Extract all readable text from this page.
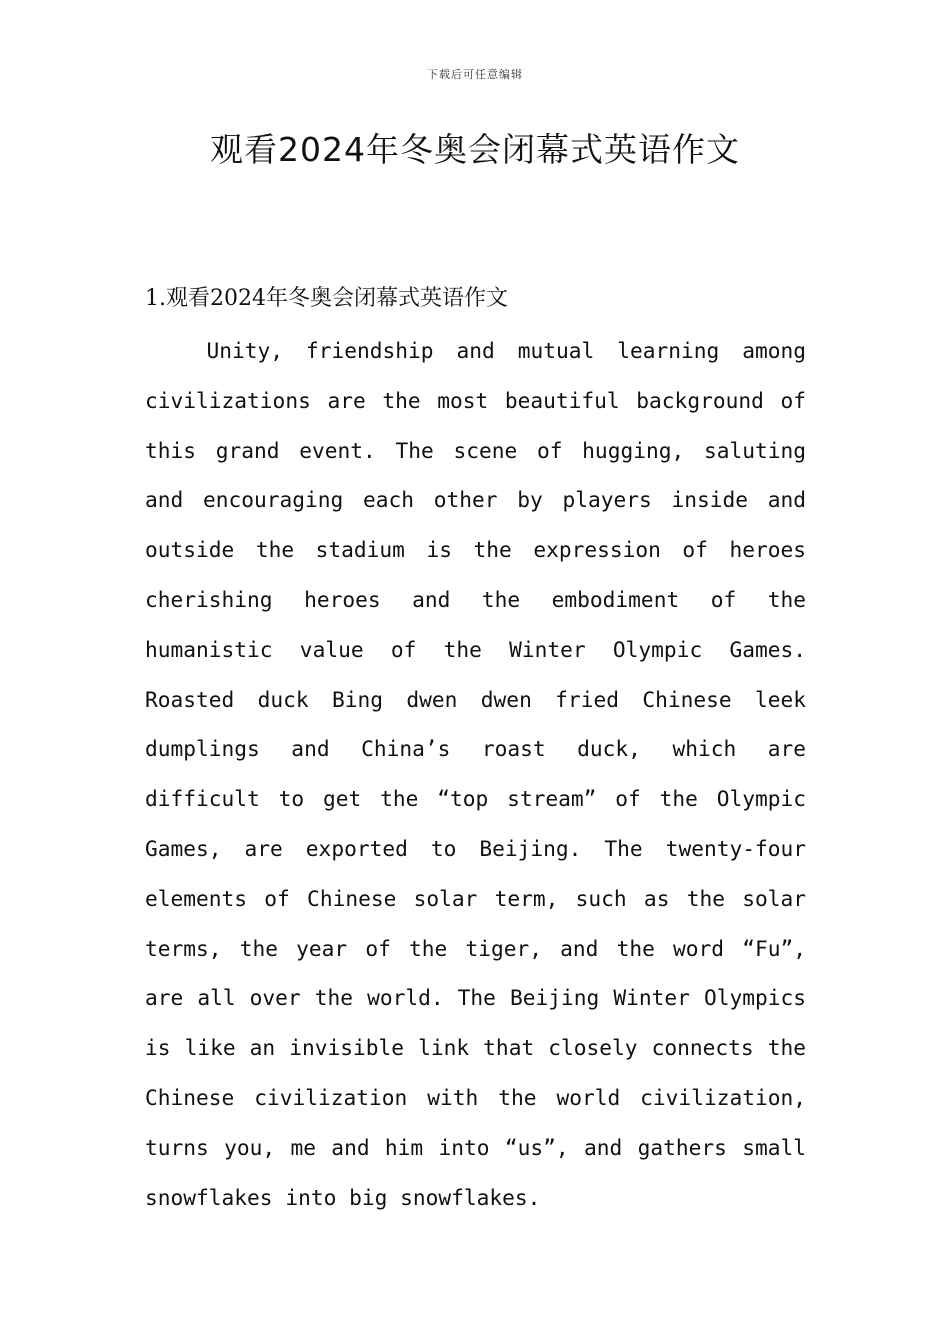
下载后可任意编辑
观看2024年冬奥会闭幕式英语作文
1.观看2024年冬奥会闭幕式英语作文

Unity, friendship and mutual learning among civilizations are the most beautiful background of this grand event. The scene of hugging, saluting and encouraging each other by players inside and outside the stadium is the expression of heroes cherishing heroes and the embodiment of the humanistic value of the Winter Olympic Games. Roasted duck Bing dwen dwen fried Chinese leek dumplings and China’s roast duck, which are difficult to get the “top stream” of the Olympic Games, are exported to Beijing. The twenty-four elements of Chinese solar term, such as the solar terms, the year of the tiger, and the word “Fu”, are all over the world. The Beijing Winter Olympics is like an invisible link that closely connects the Chinese civilization with the world civilization, turns you, me and him into “us”, and gathers small snowflakes into big snowflakes.
